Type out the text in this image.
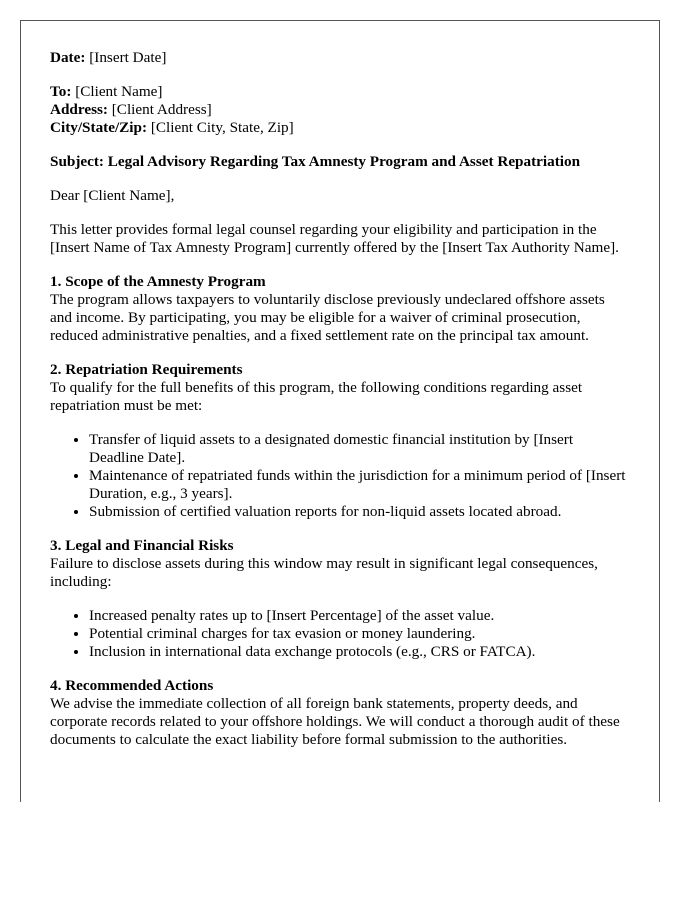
Date: [Insert Date]

To: [Client Name]

Address: [Client Address]

City/State/Zip: [Client City, State, Zip]

Subject: Legal Advisory Regarding Tax Amnesty Program and Asset Repatriation

Dear [Client Name],

This letter provides formal legal counsel regarding your eligibility and participation in the [Insert Name of Tax Amnesty Program] currently offered by the [Insert Tax Authority Name].

1. Scope of the Amnesty Program

The program allows taxpayers to voluntarily disclose previously undeclared offshore assets and income. By participating, you may be eligible for a waiver of criminal prosecution, reduced administrative penalties, and a fixed settlement rate on the principal tax amount.

2. Repatriation Requirements

To qualify for the full benefits of this program, the following conditions regarding asset repatriation must be met:

• Transfer of liquid assets to a designated domestic financial institution by [Insert Deadline Date].
• Maintenance of repatriated funds within the jurisdiction for a minimum period of [Insert Duration, e.g., 3 years].
• Submission of certified valuation reports for non-liquid assets located abroad.
3. Legal and Financial Risks

Failure to disclose assets during this window may result in significant legal consequences, including:

• Increased penalty rates up to [Insert Percentage] of the asset value.
• Potential criminal charges for tax evasion or money laundering.
• Inclusion in international data exchange protocols (e.g., CRS or FATCA).
4. Recommended Actions

We advise the immediate collection of all foreign bank statements, property deeds, and corporate records related to your offshore holdings. We will conduct a thorough audit of these documents to calculate the exact liability before formal submission to the authorities.
